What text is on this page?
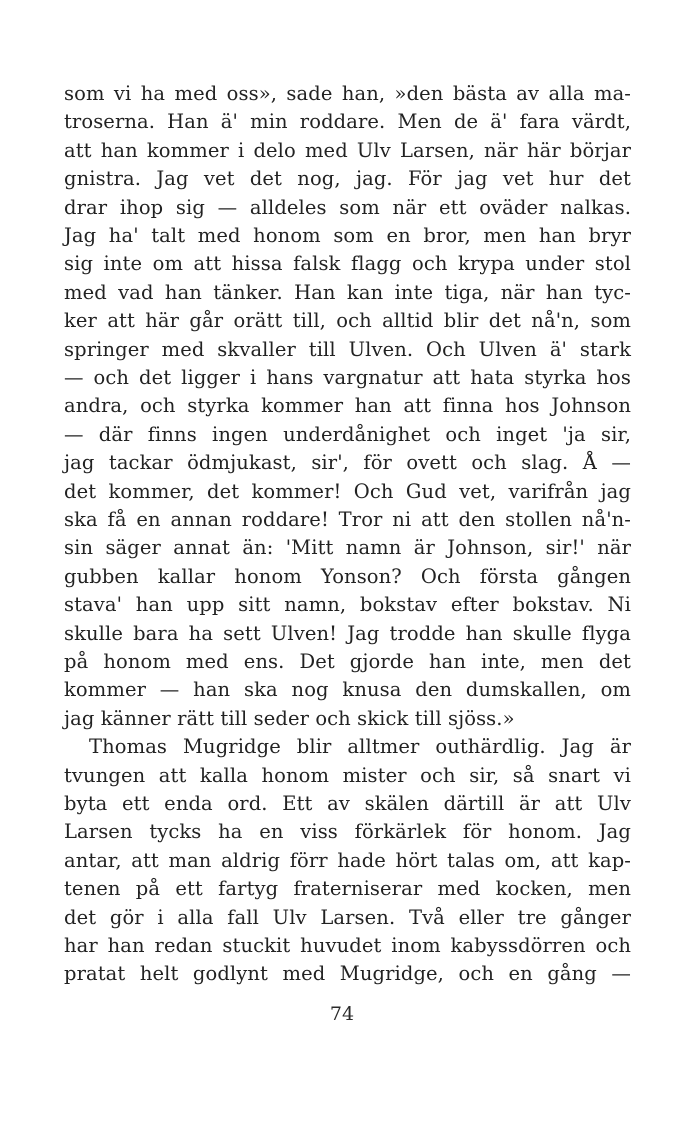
som vi ha med oss», sade han, »den bästa av alla ma-
troserna. Han ä' min roddare. Men de ä' fara värdt,
att han kommer i delo med Ulv Larsen, när här börjar
gnistra. Jag vet det nog, jag. För jag vet hur det
drar ihop sig — alldeles som när ett oväder nalkas.
Jag ha' talt med honom som en bror, men han bryr
sig inte om att hissa falsk flagg och krypa under stol
med vad han tänker. Han kan inte tiga, när han tyc-
ker att här går orätt till, och alltid blir det nå'n, som
springer med skvaller till Ulven. Och Ulven ä' stark
— och det ligger i hans vargnatur att hata styrka hos
andra, och styrka kommer han att finna hos Johnson
— där finns ingen underdånighet och inget 'ja sir,
jag tackar ödmjukast, sir', för ovett och slag. Å —
det kommer, det kommer! Och Gud vet, varifrån jag
ska få en annan roddare! Tror ni att den stollen nå'n-
sin säger annat än: 'Mitt namn är Johnson, sir!' när
gubben kallar honom Yonson? Och första gången
stava' han upp sitt namn, bokstav efter bokstav. Ni
skulle bara ha sett Ulven! Jag trodde han skulle flyga
på honom med ens. Det gjorde han inte, men det
kommer — han ska nog knusa den dumskallen, om
jag känner rätt till seder och skick till sjöss.»
Thomas Mugridge blir alltmer outhärdlig. Jag är
tvungen att kalla honom mister och sir, så snart vi
byta ett enda ord. Ett av skälen därtill är att Ulv
Larsen tycks ha en viss förkärlek för honom. Jag
antar, att man aldrig förr hade hört talas om, att kap-
tenen på ett fartyg fraterniserar med kocken, men
det gör i alla fall Ulv Larsen. Två eller tre gånger
har han redan stuckit huvudet inom kabyssdörren och
pratat helt godlynt med Mugridge, och en gång —
74
